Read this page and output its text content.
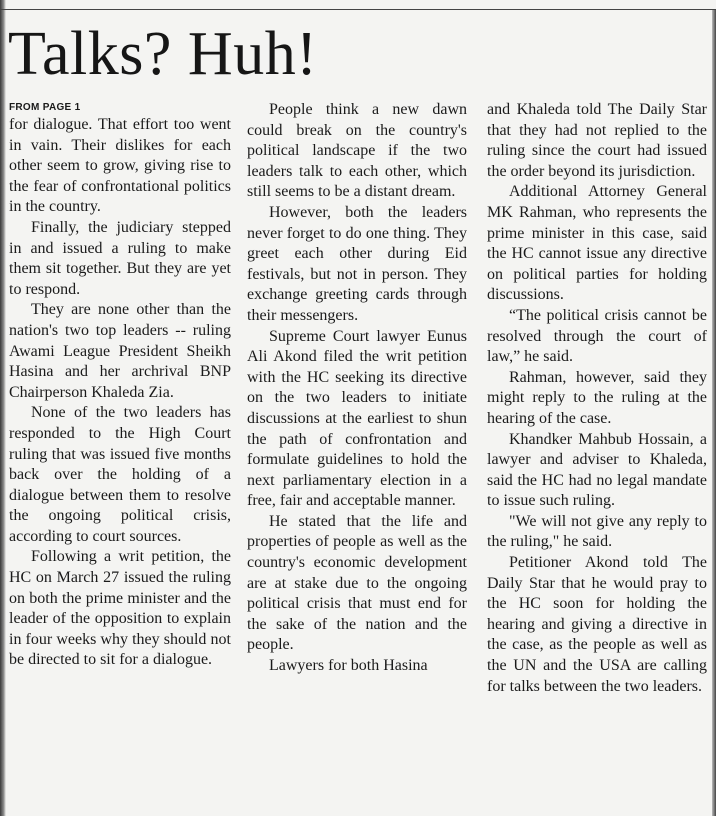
Talks? Huh!
FROM PAGE 1

for dialogue. That effort too went in vain. Their dislikes for each other seem to grow, giving rise to the fear of confrontational politics in the country.

Finally, the judiciary stepped in and issued a ruling to make them sit together. But they are yet to respond.

They are none other than the nation's two top leaders -- ruling Awami League President Sheikh Hasina and her archrival BNP Chairperson Khaleda Zia.

None of the two leaders has responded to the High Court ruling that was issued five months back over the holding of a dialogue between them to resolve the ongoing political crisis, according to court sources.

Following a writ petition, the HC on March 27 issued the ruling on both the prime minister and the leader of the opposition to explain in four weeks why they should not be directed to sit for a dialogue.

People think a new dawn could break on the country's political landscape if the two leaders talk to each other, which still seems to be a distant dream.

However, both the leaders never forget to do one thing. They greet each other during Eid festivals, but not in person. They exchange greeting cards through their messengers.

Supreme Court lawyer Eunus Ali Akond filed the writ petition with the HC seeking its directive on the two leaders to initiate discussions at the earliest to shun the path of confrontation and formulate guidelines to hold the next parliamentary election in a free, fair and acceptable manner.

He stated that the life and properties of people as well as the country's economic development are at stake due to the ongoing political crisis that must end for the sake of the nation and the people.

Lawyers for both Hasina

and Khaleda told The Daily Star that they had not replied to the ruling since the court had issued the order beyond its jurisdiction.

Additional Attorney General MK Rahman, who represents the prime minister in this case, said the HC cannot issue any directive on political parties for holding discussions.

“The political crisis cannot be resolved through the court of law,” he said.

Rahman, however, said they might reply to the ruling at the hearing of the case.

Khandker Mahbub Hossain, a lawyer and adviser to Khaleda, said the HC had no legal mandate to issue such ruling.

"We will not give any reply to the ruling," he said.

Petitioner Akond told The Daily Star that he would pray to the HC soon for holding the hearing and giving a directive in the case, as the people as well as the UN and the USA are calling for talks between the two leaders.
